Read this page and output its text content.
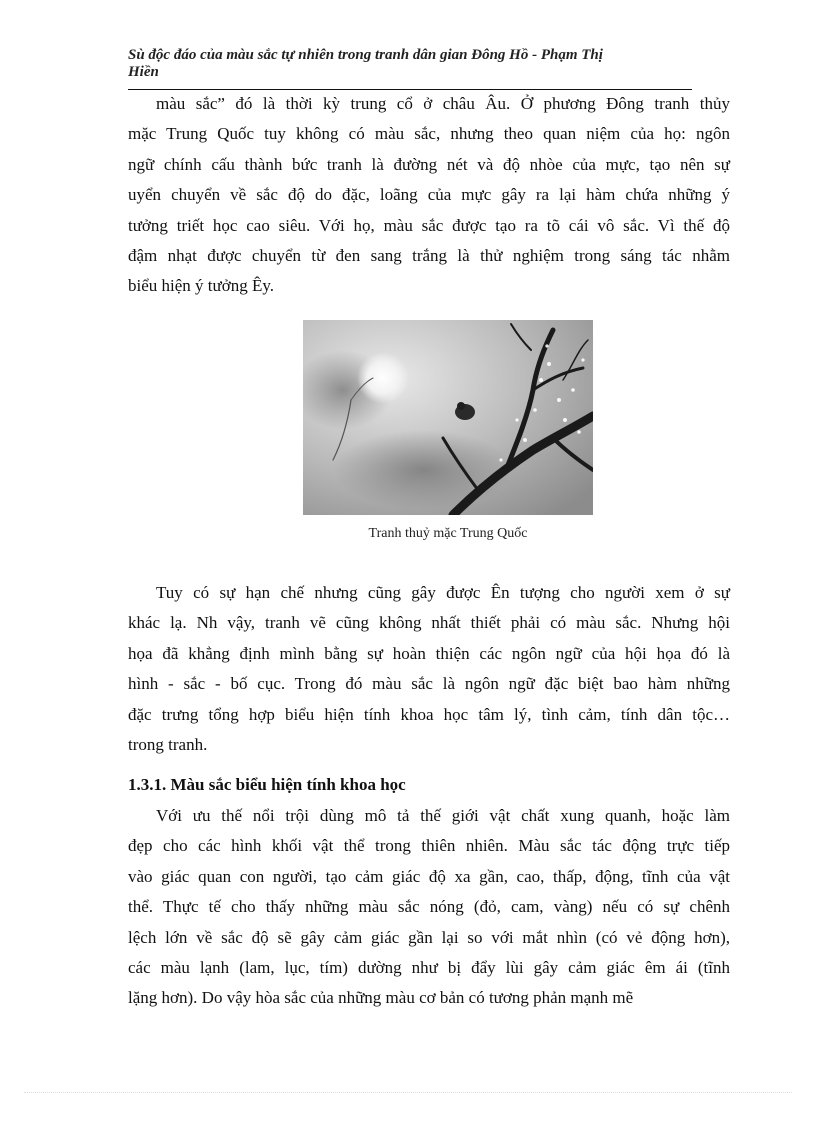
Sù độc đáo của màu sắc tự nhiên trong tranh dân gian Đông Hồ - Phạm Thị
Hiền
màu sắc” đó là thời kỳ trung cổ ở châu Âu. Ở phương Đông tranh thủy
mặc Trung Quốc tuy không có màu sắc, nhưng theo quan niệm của họ: ngôn
ngữ chính cấu thành bức tranh là đường nét và độ nhòe của mực, tạo nên sự
uyển chuyển về sắc độ do đặc, loãng của mực gây ra lại hàm chứa những ý
tưởng triết học cao siêu. Với họ, màu sắc được tạo ra tõ cái vô sắc. Vì thế độ
đậm nhạt được chuyển từ đen sang trắng là thử nghiệm trong sáng tác nhằm
biểu hiện ý tưởng Êy.
Tranh thuỷ mặc Trung Quốc
Tuy có sự hạn chế nhưng cũng gây được Ên tượng cho người xem ở sự
khác lạ. Nh vậy, tranh vẽ cũng không nhất thiết phải có màu sắc. Nhưng hội
họa đã khẳng định mình bằng sự hoàn thiện các ngôn ngữ của hội họa đó là
hình - sắc - bố cục. Trong đó màu sắc là ngôn ngữ đặc biệt bao hàm những
đặc trưng tổng hợp biểu hiện tính khoa học tâm lý, tình cảm, tính dân tộc…
trong tranh.
1.3.1. Màu sắc biểu hiện tính khoa học
Với ưu thế nổi trội dùng mô tả thế giới vật chất xung quanh, hoặc làm
đẹp cho các hình khối vật thể trong thiên nhiên. Màu sắc tác động trực tiếp
vào giác quan con người, tạo cảm giác độ xa gần, cao, thấp, động, tĩnh của vật
thể. Thực tế cho thấy những màu sắc nóng (đỏ, cam, vàng) nếu có sự chênh
lệch lớn về sắc độ sẽ gây cảm giác gần lại so với mắt nhìn (có vẻ động hơn),
các màu lạnh (lam, lục, tím) dường như bị đẩy lùi gây cảm giác êm ái (tĩnh
lặng hơn). Do vậy hòa sắc của những màu cơ bản có tương phản mạnh mẽ
